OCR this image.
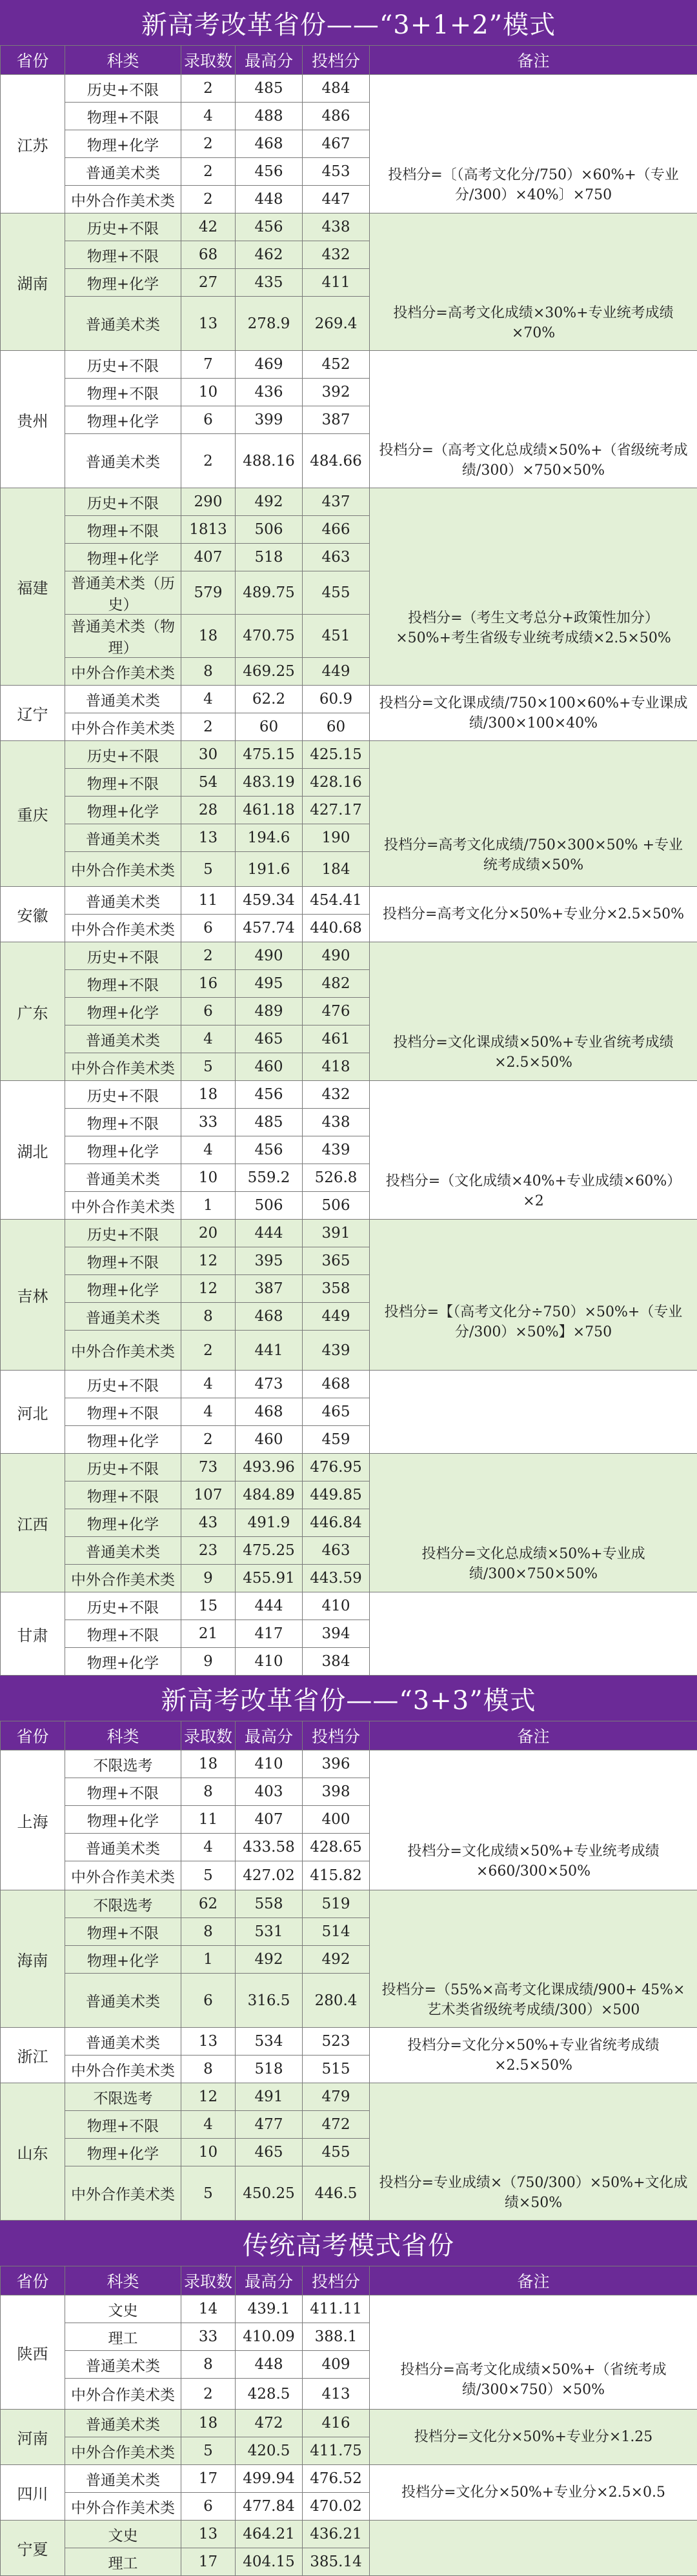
新高考改革省份——“3+1+2”模式
省份	科类	录取数	最高分	投档分	备注
江苏	历史+不限	2	485	484	
	物理+不限	4	488	486	
	物理+化学	2	468	467	
	普通美术类	2	456	453	投档分=〔（高考文化分/750）×60%+（专业分/300）×40%〕×750
	中外合作美术类	2	448	447	
湖南	历史+不限	42	456	438	
	物理+不限	68	462	432	
	物理+化学	27	435	411	
	普通美术类	13	278.9	269.4	投档分=高考文化成绩×30%+专业统考成绩×70%
贵州	历史+不限	7	469	452	
	物理+不限	10	436	392	
	物理+化学	6	399	387	
	普通美术类	2	488.16	484.66	投档分=（高考文化总成绩×50%+（省级统考成绩/300）×750×50%
福建	历史+不限	290	492	437	
	物理+不限	1813	506	466	
	物理+化学	407	518	463	
	普通美术类（历史）	579	489.75	455	投档分=（考生文考总分+政策性加分）×50%+考生省级专业统考成绩×2.5×50%
	普通美术类（物理）	18	470.75	451	
	中外合作美术类	8	469.25	449	
辽宁	普通美术类	4	62.2	60.9	投档分=文化课成绩/750×100×60%+专业课成绩/300×100×40%
	中外合作美术类	2	60	60	
重庆	历史+不限	30	475.15	425.15	
	物理+不限	54	483.19	428.16	
	物理+化学	28	461.18	427.17	
	普通美术类	13	194.6	190	投档分=高考文化成绩/750×300×50% +专业统考成绩×50%
	中外合作美术类	5	191.6	184	
安徽	普通美术类	11	459.34	454.41	投档分=高考文化分×50%+专业分×2.5×50%
	中外合作美术类	6	457.74	440.68	
广东	历史+不限	2	490	490	
	物理+不限	16	495	482	
	物理+化学	6	489	476	
	普通美术类	4	465	461	投档分=文化课成绩×50%+专业省统考成绩×2.5×50%
	中外合作美术类	5	460	418	
湖北	历史+不限	18	456	432	
	物理+不限	33	485	438	
	物理+化学	4	456	439	
	普通美术类	10	559.2	526.8	投档分=（文化成绩×40%+专业成绩×60%）×2
	中外合作美术类	1	506	506	
吉林	历史+不限	20	444	391	
	物理+不限	12	395	365	
	物理+化学	12	387	358	投档分=【（高考文化分÷750）×50%+（专业分/300）×50%】×750
	普通美术类	8	468	449	
	中外合作美术类	2	441	439	
河北	历史+不限	4	473	468	
	物理+不限	4	468	465	
	物理+化学	2	460	459	
江西	历史+不限	73	493.96	476.95	
	物理+不限	107	484.89	449.85	
	物理+化学	43	491.9	446.84	
	普通美术类	23	475.25	463	投档分=文化总成绩×50%+专业成绩/300×750×50%
	中外合作美术类	9	455.91	443.59	
甘肃	历史+不限	15	444	410	
	物理+不限	21	417	394	
	物理+化学	9	410	384	
新高考改革省份——“3+3”模式
省份	科类	录取数	最高分	投档分	备注
上海	不限选考	18	410	396	
	物理+不限	8	403	398	
	物理+化学	11	407	400	
	普通美术类	4	433.58	428.65	投档分=文化成绩×50%+专业统考成绩×660/300×50%
	中外合作美术类	5	427.02	415.82	
海南	不限选考	62	558	519	
	物理+不限	8	531	514	
	物理+化学	1	492	492	
	普通美术类	6	316.5	280.4	投档分=（55%×高考文化课成绩/900+ 45%×艺术类省级统考成绩/300）×500
浙江	普通美术类	13	534	523	投档分=文化分×50%+专业省统考成绩×2.5×50%
	中外合作美术类	8	518	515	
山东	不限选考	12	491	479	
	物理+不限	4	477	472	
	物理+化学	10	465	455	
	中外合作美术类	5	450.25	446.5	投档分=专业成绩×（750/300）×50%+文化成绩×50%
传统高考模式省份
省份	科类	录取数	最高分	投档分	备注
陕西	文史	14	439.1	411.11	
	理工	33	410.09	388.1	
	普通美术类	8	448	409	投档分=高考文化成绩×50%+（省统考成绩/300×750）×50%
	中外合作美术类	2	428.5	413	
河南	普通美术类	18	472	416	投档分=文化分×50%+专业分×1.25
	中外合作美术类	5	420.5	411.75	
四川	普通美术类	17	499.94	476.52	投档分=文化分×50%+专业分×2.5×0.5
	中外合作美术类	6	477.84	470.02	
宁夏	文史	13	464.21	436.21	
	理工	17	404.15	385.14	
